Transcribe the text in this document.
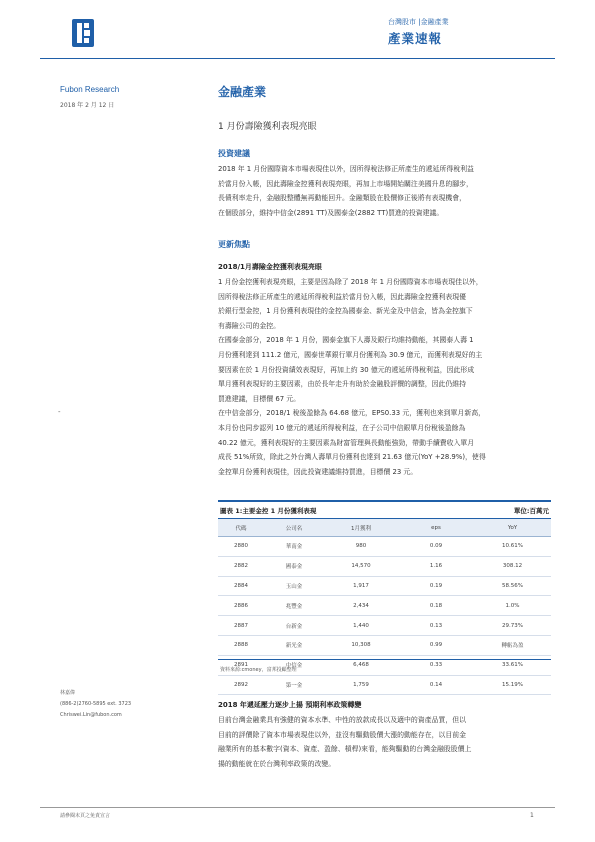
台灣股市 |金融產業
產業速報
Fubon Research
2018 年 2 月 12 日
-
林嘉偉
(886-2)2760-5895 ext. 3723
Chriswei.Lin@fubon.com
金融產業
1 月份壽險獲利表現亮眼
投資建議
2018 年 1 月份國際資本市場表現佳以外，因所得稅法修正所產生的遞延所得稅利益
於當月份入帳，因此壽險金控獲利表現亮眼，再加上市場開始關注美國升息的腳步，
長債利率走升，金融股整體無再動能回升。金融類股在股價修正後將有表現機會，
在個股部分，維持中信金(2891 TT)及國泰金(2882 TT)買進的投資建議。
更新焦點
2018/1月壽險金控獲利表現亮眼
1 月份金控獲利表現亮眼，主要是因為除了 2018 年 1 月份國際資本市場表現佳以外，
因所得稅法修正所產生的遞延所得稅利益於當月份入帳，因此壽險金控獲利表現優
於銀行型金控，1 月份獲利表現佳的金控為國泰金、新光金及中信金，皆為金控旗下
有壽險公司的金控。
在國泰金部分，2018 年 1 月份，國泰金旗下人壽及銀行均維持動能，其國泰人壽 1
月份獲利達到 111.2 億元，國泰世華銀行單月份獲利為 30.9 億元，而獲利表現好的主
要因素在於 1 月份投資績效表現好，再加上約 30 億元的遞延所得稅利益，因此形成
單月獲利表現好的主要因素，由於長年走升有助於金融股評價的調整，因此仍維持
買進建議，目標價 67 元。
在中信金部分，2018/1 稅後盈餘為 64.68 億元，EPS0.33 元，獲利也來到單月新高，
本月份也同步認列 10 億元的遞延所得稅利益，在子公司中信銀單月份稅後盈餘為
40.22 億元，獲利表現好的主要因素為財富管理與長動能強勁，帶動手續費收入單月
成長 51%所致，除此之外台灣人壽單月份獲利也達到 21.63 億元(YoY +28.9%)，使得
金控單月份獲利表現佳，因此投資建議維持買進，目標價 23 元。
圖表 1:主要金控 1 月份獲利表現	單位:百萬元
代碼	公司名	1月獲利	eps	YoY
2880	華南金	980	0.09	10.61%
2882	國泰金	14,570	1.16	308.12
2884	玉山金	1,917	0.19	58.56%
2886	兆豐金	2,434	0.18	1.0%
2887	台新金	1,440	0.13	29.73%
2888	新光金	10,308	0.99	轉虧為盈
2891	中信金	6,468	0.33	33.61%
2892	第一金	1,759	0.14	15.19%
資料來源:cmoney，富邦投顧整理
2018 年遞延壓力逐步上揚 預期利率政策轉變
目前台灣金融業具有強健的資本水準、中性的放款成長以及適中的資產品質，但以
目前的評價除了資本市場表現佳以外，並沒有驅動股價大漲的動能存在，以目前金
融業所有的基本數字(資本、資產、盈餘、槓桿)來看，能夠驅動的台灣金融股股價上
揚的動能就在於台灣利率政策的改變。
請參閱末頁之免責宣言	1
